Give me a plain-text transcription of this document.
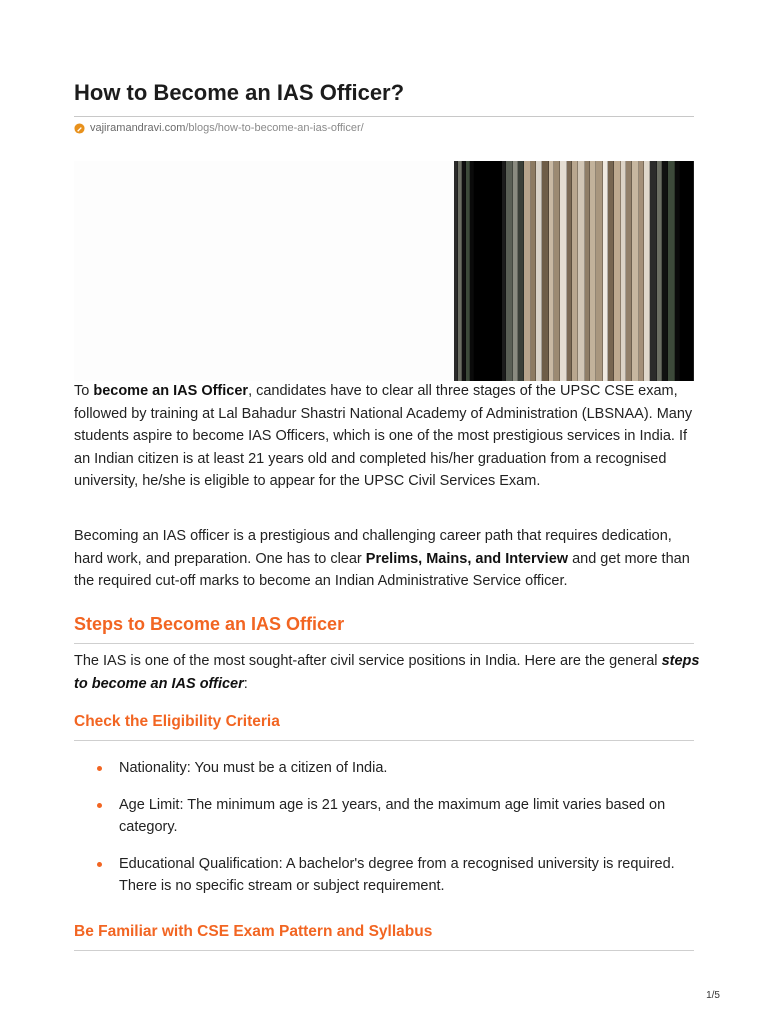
How to Become an IAS Officer?
vajiramandravi.com /blogs/how-to-become-an-ias-officer/

To become an IAS Officer, candidates have to clear all three stages of the UPSC CSE exam, followed by training at Lal Bahadur Shastri National Academy of Administration (LBSNAA). Many students aspire to become IAS Officers, which is one of the most prestigious services in India. If an Indian citizen is at least 21 years old and completed his/her graduation from a recognised university, he/she is eligible to appear for the UPSC Civil Services Exam.

Becoming an IAS officer is a prestigious and challenging career path that requires dedication, hard work, and preparation. One has to clear Prelims, Mains, and Interview and get more than the required cut-off marks to become an Indian Administrative Service officer.

Steps to Become an IAS Officer

The IAS is one of the most sought-after civil service positions in India. Here are the general steps to become an IAS officer:

Check the Eligibility Criteria
Nationality: You must be a citizen of India.
Age Limit: The minimum age is 21 years, and the maximum age limit varies based on category.
Educational Qualification: A bachelor's degree from a recognised university is required. There is no specific stream or subject requirement.
Be Familiar with CSE Exam Pattern and Syllabus
1/5
